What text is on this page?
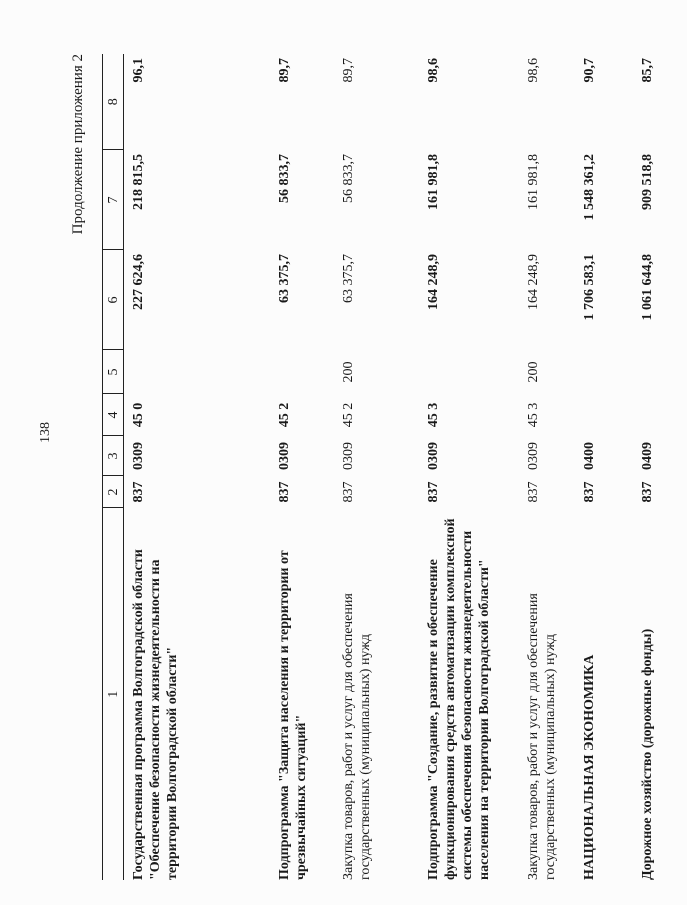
138
Продолжение приложения 2
1	2	3	4	5	6	7	8
Государственная программа Волгоградской области "Обеспечение безопасности жизнедеятельности на территории Волгоградской области"	837	0309	45 0		227 624,6	218 815,5	96,1
Подпрограмма "Защита населения и территории от чрезвычайных ситуаций"	837	0309	45 2		63 375,7	56 833,7	89,7
Закупка товаров, работ и услуг для обеспечения государственных (муниципальных) нужд	837	0309	45 2	200	63 375,7	56 833,7	89,7
Подпрограмма "Создание, развитие и обеспечение функционирования средств автоматизации комплексной системы обеспечения безопасности жизнедеятельности населения на территории Волгоградской области"	837	0309	45 3		164 248,9	161 981,8	98,6
Закупка товаров, работ и услуг для обеспечения государственных (муниципальных) нужд	837	0309	45 3	200	164 248,9	161 981,8	98,6
НАЦИОНАЛЬНАЯ ЭКОНОМИКА	837	0400			1 706 583,1	1 548 361,2	90,7
Дорожное хозяйство (дорожные фонды)	837	0409			1 061 644,8	909 518,8	85,7
